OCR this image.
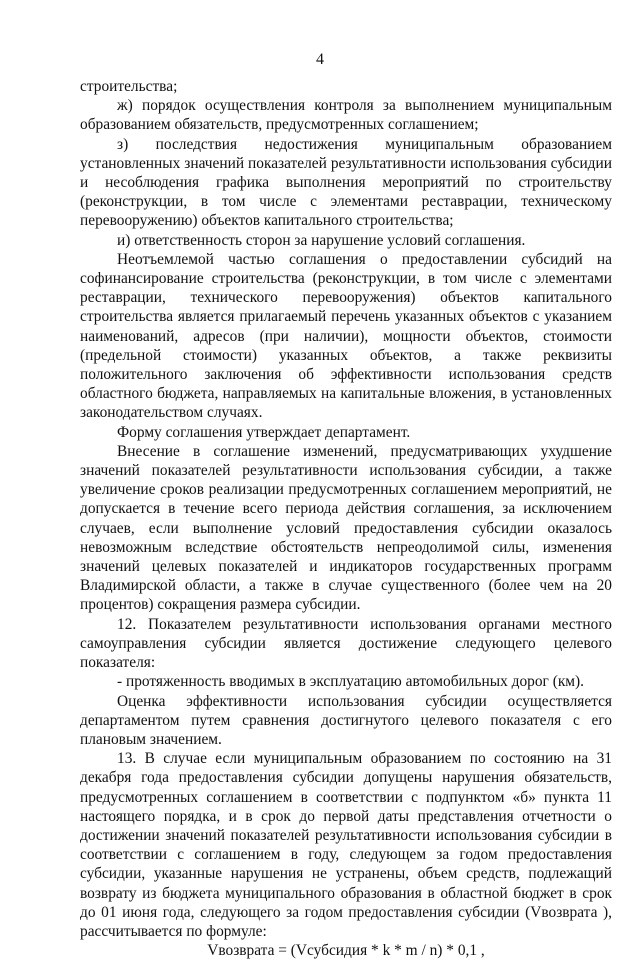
4

строительства;

ж) порядок осуществления контроля за выполнением муниципальным образованием обязательств, предусмотренных соглашением;

з) последствия недостижения муниципальным образованием установленных значений показателей результативности использования субсидии и несоблюдения графика выполнения мероприятий по строительству (реконструкции, в том числе с элементами реставрации, техническому перевооружению) объектов капитального строительства;

и) ответственность сторон за нарушение условий соглашения.

Неотъемлемой частью соглашения о предоставлении субсидий на софинансирование строительства (реконструкции, в том числе с элементами реставрации, технического перевооружения) объектов капитального строительства является прилагаемый перечень указанных объектов с указанием наименований, адресов (при наличии), мощности объектов, стоимости (предельной стоимости) указанных объектов, а также реквизиты положительного заключения об эффективности использования средств областного бюджета, направляемых на капитальные вложения, в установленных законодательством случаях.

Форму соглашения утверждает департамент.

Внесение в соглашение изменений, предусматривающих ухудшение значений показателей результативности использования субсидии, а также увеличение сроков реализации предусмотренных соглашением мероприятий, не допускается в течение всего периода действия соглашения, за исключением случаев, если выполнение условий предоставления субсидии оказалось невозможным вследствие обстоятельств непреодолимой силы, изменения значений целевых показателей и индикаторов государственных программ Владимирской области, а также в случае существенного (более чем на 20 процентов) сокращения размера субсидии.

12. Показателем результативности использования органами местного самоуправления субсидии является достижение следующего целевого показателя:

- протяженность вводимых в эксплуатацию автомобильных дорог (км).

Оценка эффективности использования субсидии осуществляется департаментом путем сравнения достигнутого целевого показателя с его плановым значением.

13. В случае если муниципальным образованием по состоянию на 31 декабря года предоставления субсидии допущены нарушения обязательств, предусмотренных соглашением в соответствии с подпунктом «б» пункта 11 настоящего порядка, и в срок до первой даты представления отчетности о достижении значений показателей результативности использования субсидии в соответствии с соглашением в году, следующем за годом предоставления субсидии, указанные нарушения не устранены, объем средств, подлежащий возврату из бюджета муниципального образования в областной бюджет в срок до 01 июня года, следующего за годом предоставления субсидии (Vвозврата ), рассчитывается по формуле:

Vвозврата = (Vсубсидия * k * m / n) * 0,1 ,
